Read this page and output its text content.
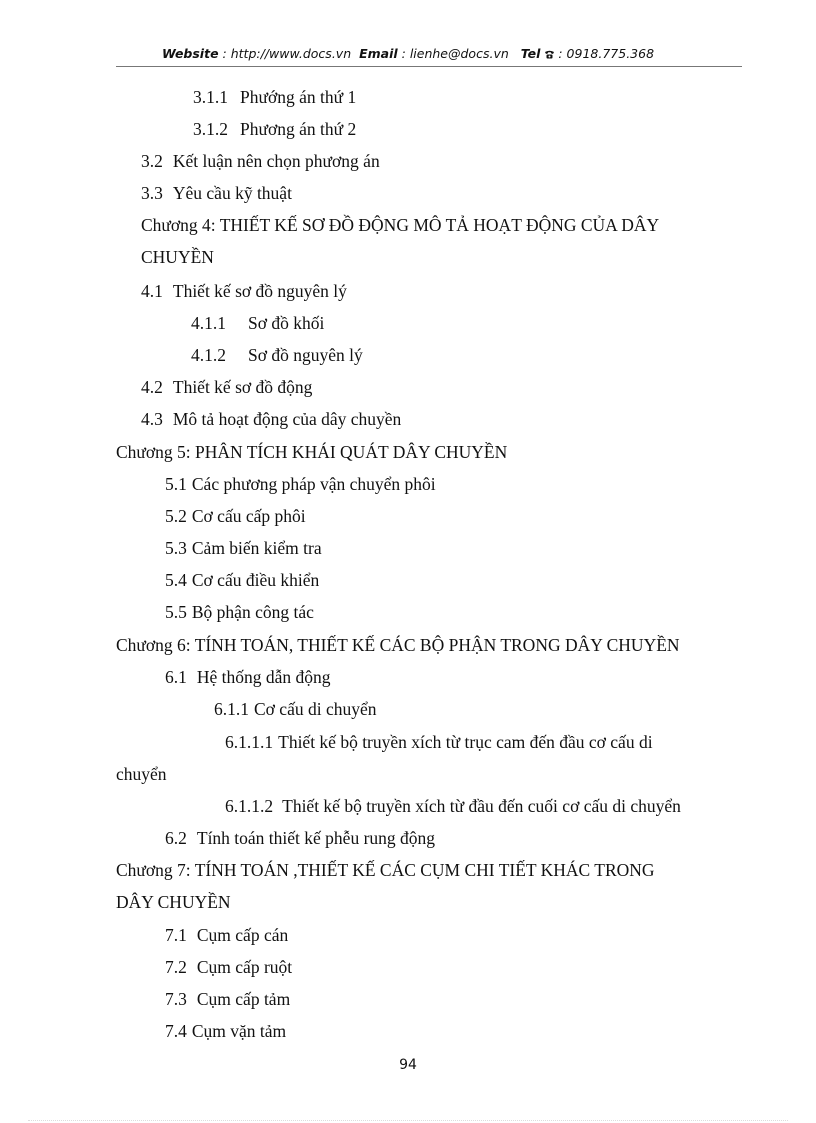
Website : http://www.docs.vn Email : lienhe@docs.vn Tel : 0918.775.368
3.1.1 Phướng án thứ 1
3.1.2 Phương án thứ 2
3.2 Kết luận nên chọn phương án
3.3 Yêu cầu kỹ thuật
Chương 4: THIẾT KẾ SƠ ĐỒ ĐỘNG MÔ TẢ HOẠT ĐỘNG CỦA DÂY
CHUYỀN
4.1 Thiết kế sơ đồ nguyên lý
4.1.1 Sơ đồ khối
4.1.2 Sơ đồ nguyên lý
4.2 Thiết kế sơ đồ động
4.3 Mô tả hoạt động của dây chuyền
Chương 5: PHÂN TÍCH KHÁI QUÁT DÂY CHUYỀN
5.1 Các phương pháp vận chuyển phôi
5.2 Cơ cấu cấp phôi
5.3 Cảm biến kiểm tra
5.4 Cơ cấu điều khiển
5.5 Bộ phận công tác
Chương 6: TÍNH TOÁN, THIẾT KẾ CÁC BỘ PHẬN TRONG DÂY CHUYỀN
6.1 Hệ thống dẫn động
6.1.1 Cơ cấu di chuyển
6.1.1.1 Thiết kế bộ truyền xích từ trục cam đến đầu cơ cấu di
chuyển
6.1.1.2 Thiết kế bộ truyền xích từ đầu đến cuối cơ cấu di chuyển
6.2 Tính toán thiết kế phễu rung động
Chương 7: TÍNH TOÁN ,THIẾT KẾ CÁC CỤM CHI TIẾT KHÁC TRONG
DÂY CHUYỀN
7.1 Cụm cấp cán
7.2 Cụm cấp ruột
7.3 Cụm cấp tảm
7.4 Cụm vặn tảm
94
